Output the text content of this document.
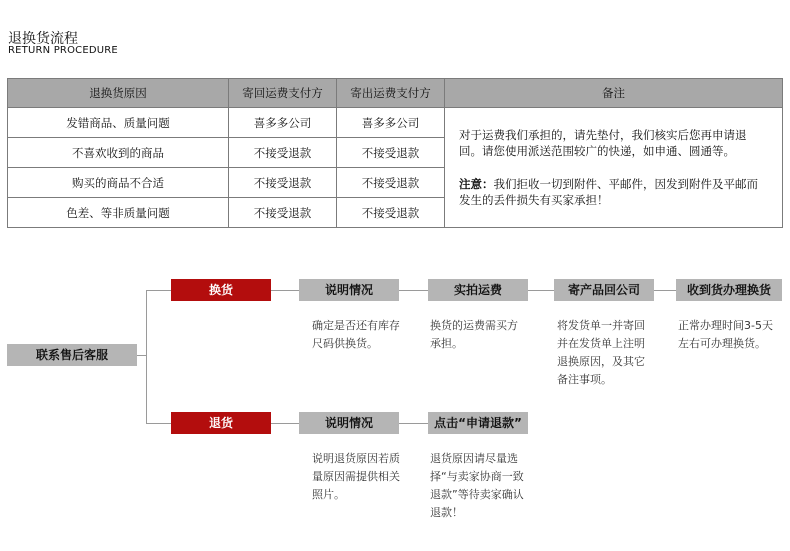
退换货流程
RETURN PROCEDURE
退换货原因	寄回运费支付方	寄出运费支付方	备注
发错商品、质量问题	喜多多公司	喜多多公司	对于运费我们承担的，请先垫付，我们核实后您再申请退回。请您使用派送范围较广的快递，如申通、圆通等。

注意：我们拒收一切到附件、平邮件，因发到附件及平邮而发生的丢件损失有买家承担！

不喜欢收到的商品	不接受退款	不接受退款	
购买的商品不合适	不接受退款	不接受退款	
色差、等非质量问题	不接受退款	不接受退款	
联系售后客服
换货	说明情况	实拍运费	寄产品回公司	收到货办理换货
确定是否还有库存尺码供换货。
换货的运费需买方承担。
将发货单一并寄回并在发货单上注明退换原因，及其它备注事项。
正常办理时间3-5天左右可办理换货。
退货	说明情况	点击“申请退款”
说明退货原因若质量原因需提供相关照片。
退货原因请尽量选择“与卖家协商一致退款”等待卖家确认退款！
